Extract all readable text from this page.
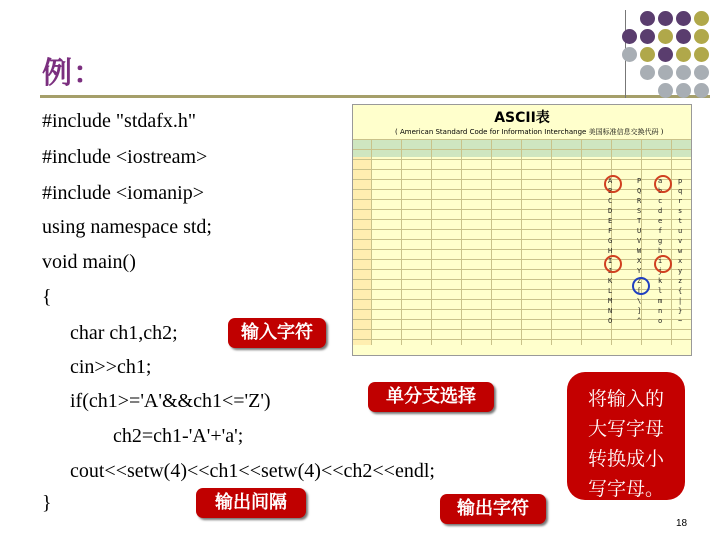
例：
#include "stdafx.h"
#include <iostream>
#include <iomanip>
using namespace std;
void main()
{
char ch1,ch2;
cin>>ch1;
if(ch1>='A'&&ch1<='Z')
ch2=ch1-'A'+'a';
cout<<setw(4)<<ch1<<setw(4)<<ch2<<endl;
}
输入字符
单分支选择
输出间隔	输出字符
将输入的
大写字母
转换成小
写字母。
ASCII表
( American Standard Code for Information Interchange 美国标准信息交换代码 )
A
B
C
D
E
F
G
H
I
J
K
L
M
N
O
P
Q
R
S
T
U
V
W
X
Y
Z
[
\
]
^
a
b
c
d
e
f
g
h
i
j
k
l
m
n
o
p
q
r
s
t
u
v
w
x
y
z
{
|
}
~
18
